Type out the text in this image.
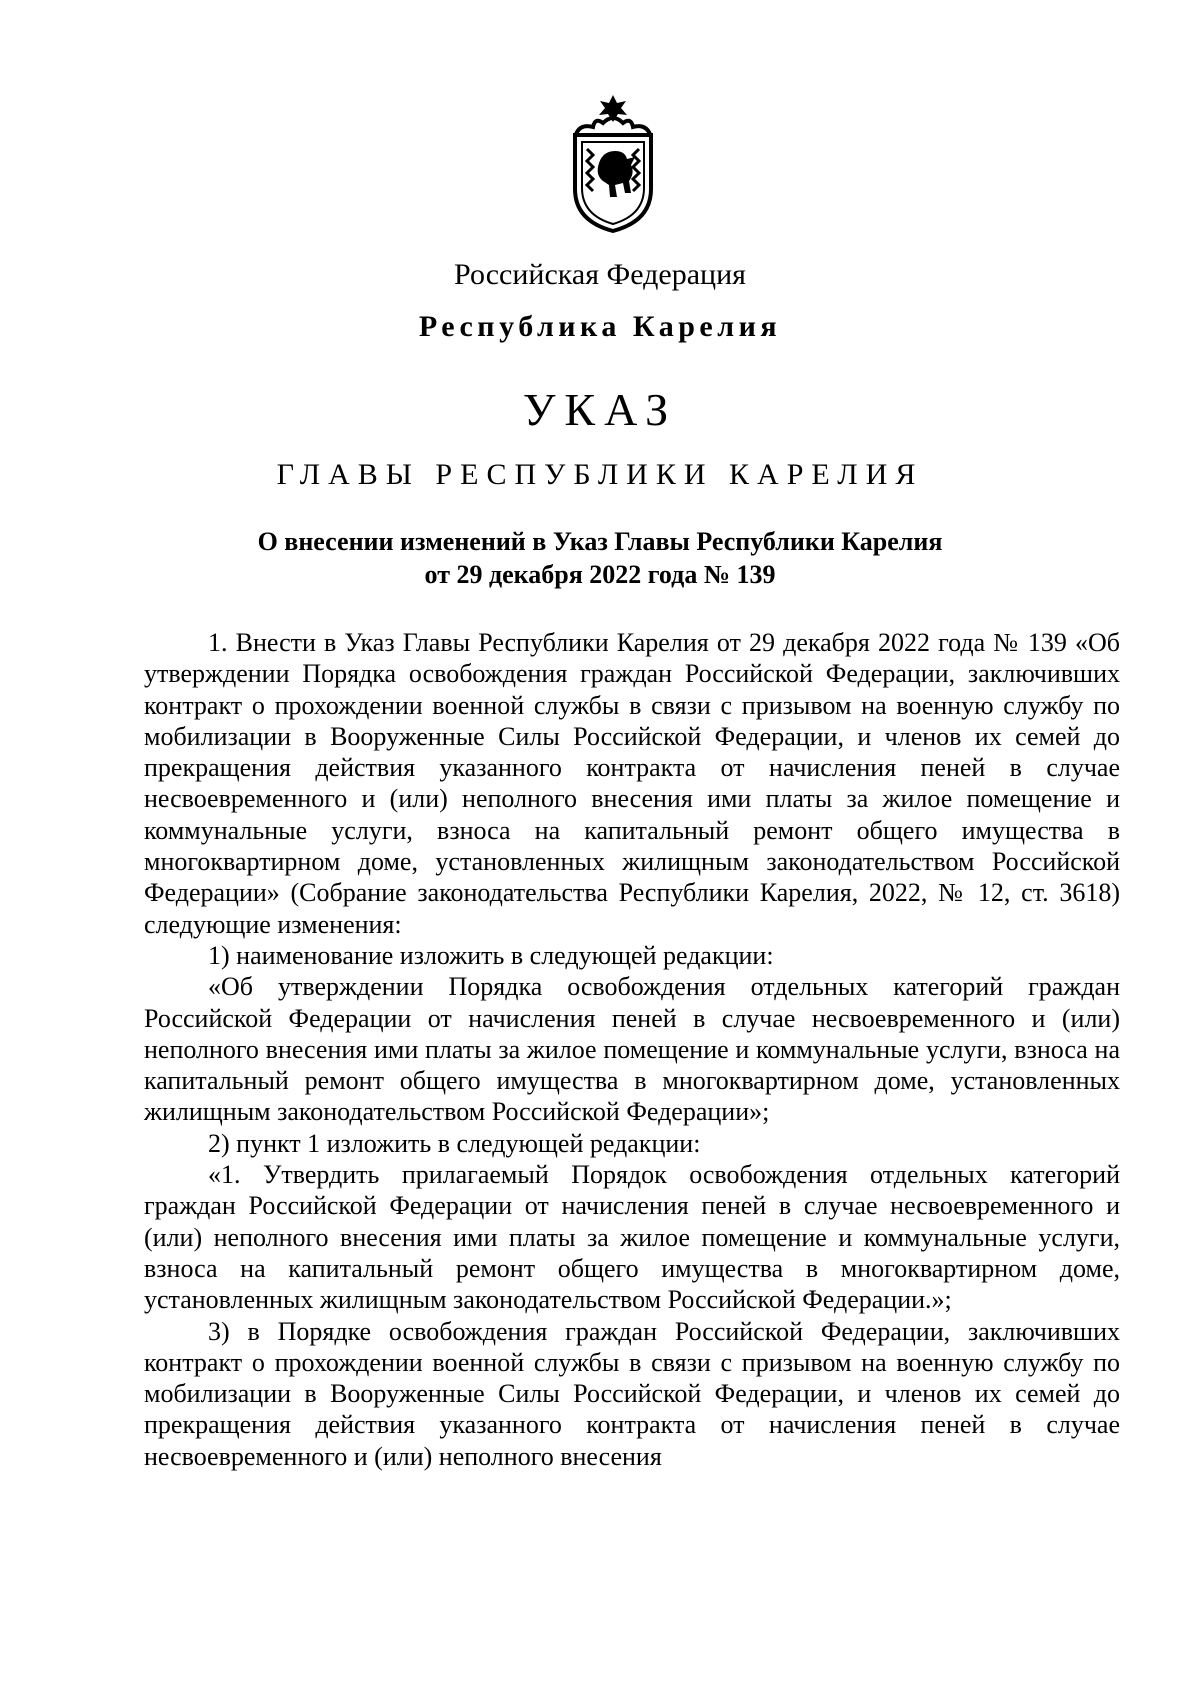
Российская Федерация
Республика Карелия
УКАЗ
ГЛАВЫ РЕСПУБЛИКИ КАРЕЛИЯ
О внесении изменений в Указ Главы Республики Карелия
от 29 декабря 2022 года № 139

1. Внести в Указ Главы Республики Карелия от 29 декабря 2022 года № 139 «Об утверждении Порядка освобождения граждан Российской Федерации, заключивших контракт о прохождении военной службы в связи с призывом на военную службу по мобилизации в Вооруженные Силы Российской Федерации, и членов их семей до прекращения действия указанного контракта от начисления пеней в случае несвоевременного и (или) неполного внесения ими платы за жилое помещение и коммунальные услуги, взноса на капитальный ремонт общего имущества в многоквартирном доме, установленных жилищным законодательством Российской Федерации» (Собрание законодательства Республики Карелия, 2022, № 12, ст. 3618) следующие изменения:

1) наименование изложить в следующей редакции:

«Об утверждении Порядка освобождения отдельных категорий граждан Российской Федерации от начисления пеней в случае несвоевременного и (или) неполного внесения ими платы за жилое помещение и коммунальные услуги, взноса на капитальный ремонт общего имущества в многоквартирном доме, установленных жилищным законодательством Российской Федерации»;

2) пункт 1 изложить в следующей редакции:

«1. Утвердить прилагаемый Порядок освобождения отдельных категорий граждан Российской Федерации от начисления пеней в случае несвоевременного и (или) неполного внесения ими платы за жилое помещение и коммунальные услуги, взноса на капитальный ремонт общего имущества в многоквартирном доме, установленных жилищным законодательством Российской Федерации.»;

3) в Порядке освобождения граждан Российской Федерации, заключивших контракт о прохождении военной службы в связи с призывом на военную службу по мобилизации в Вооруженные Силы Российской Федерации, и членов их семей до прекращения действия указанного контракта от начисления пеней в случае несвоевременного и (или) неполного внесения
